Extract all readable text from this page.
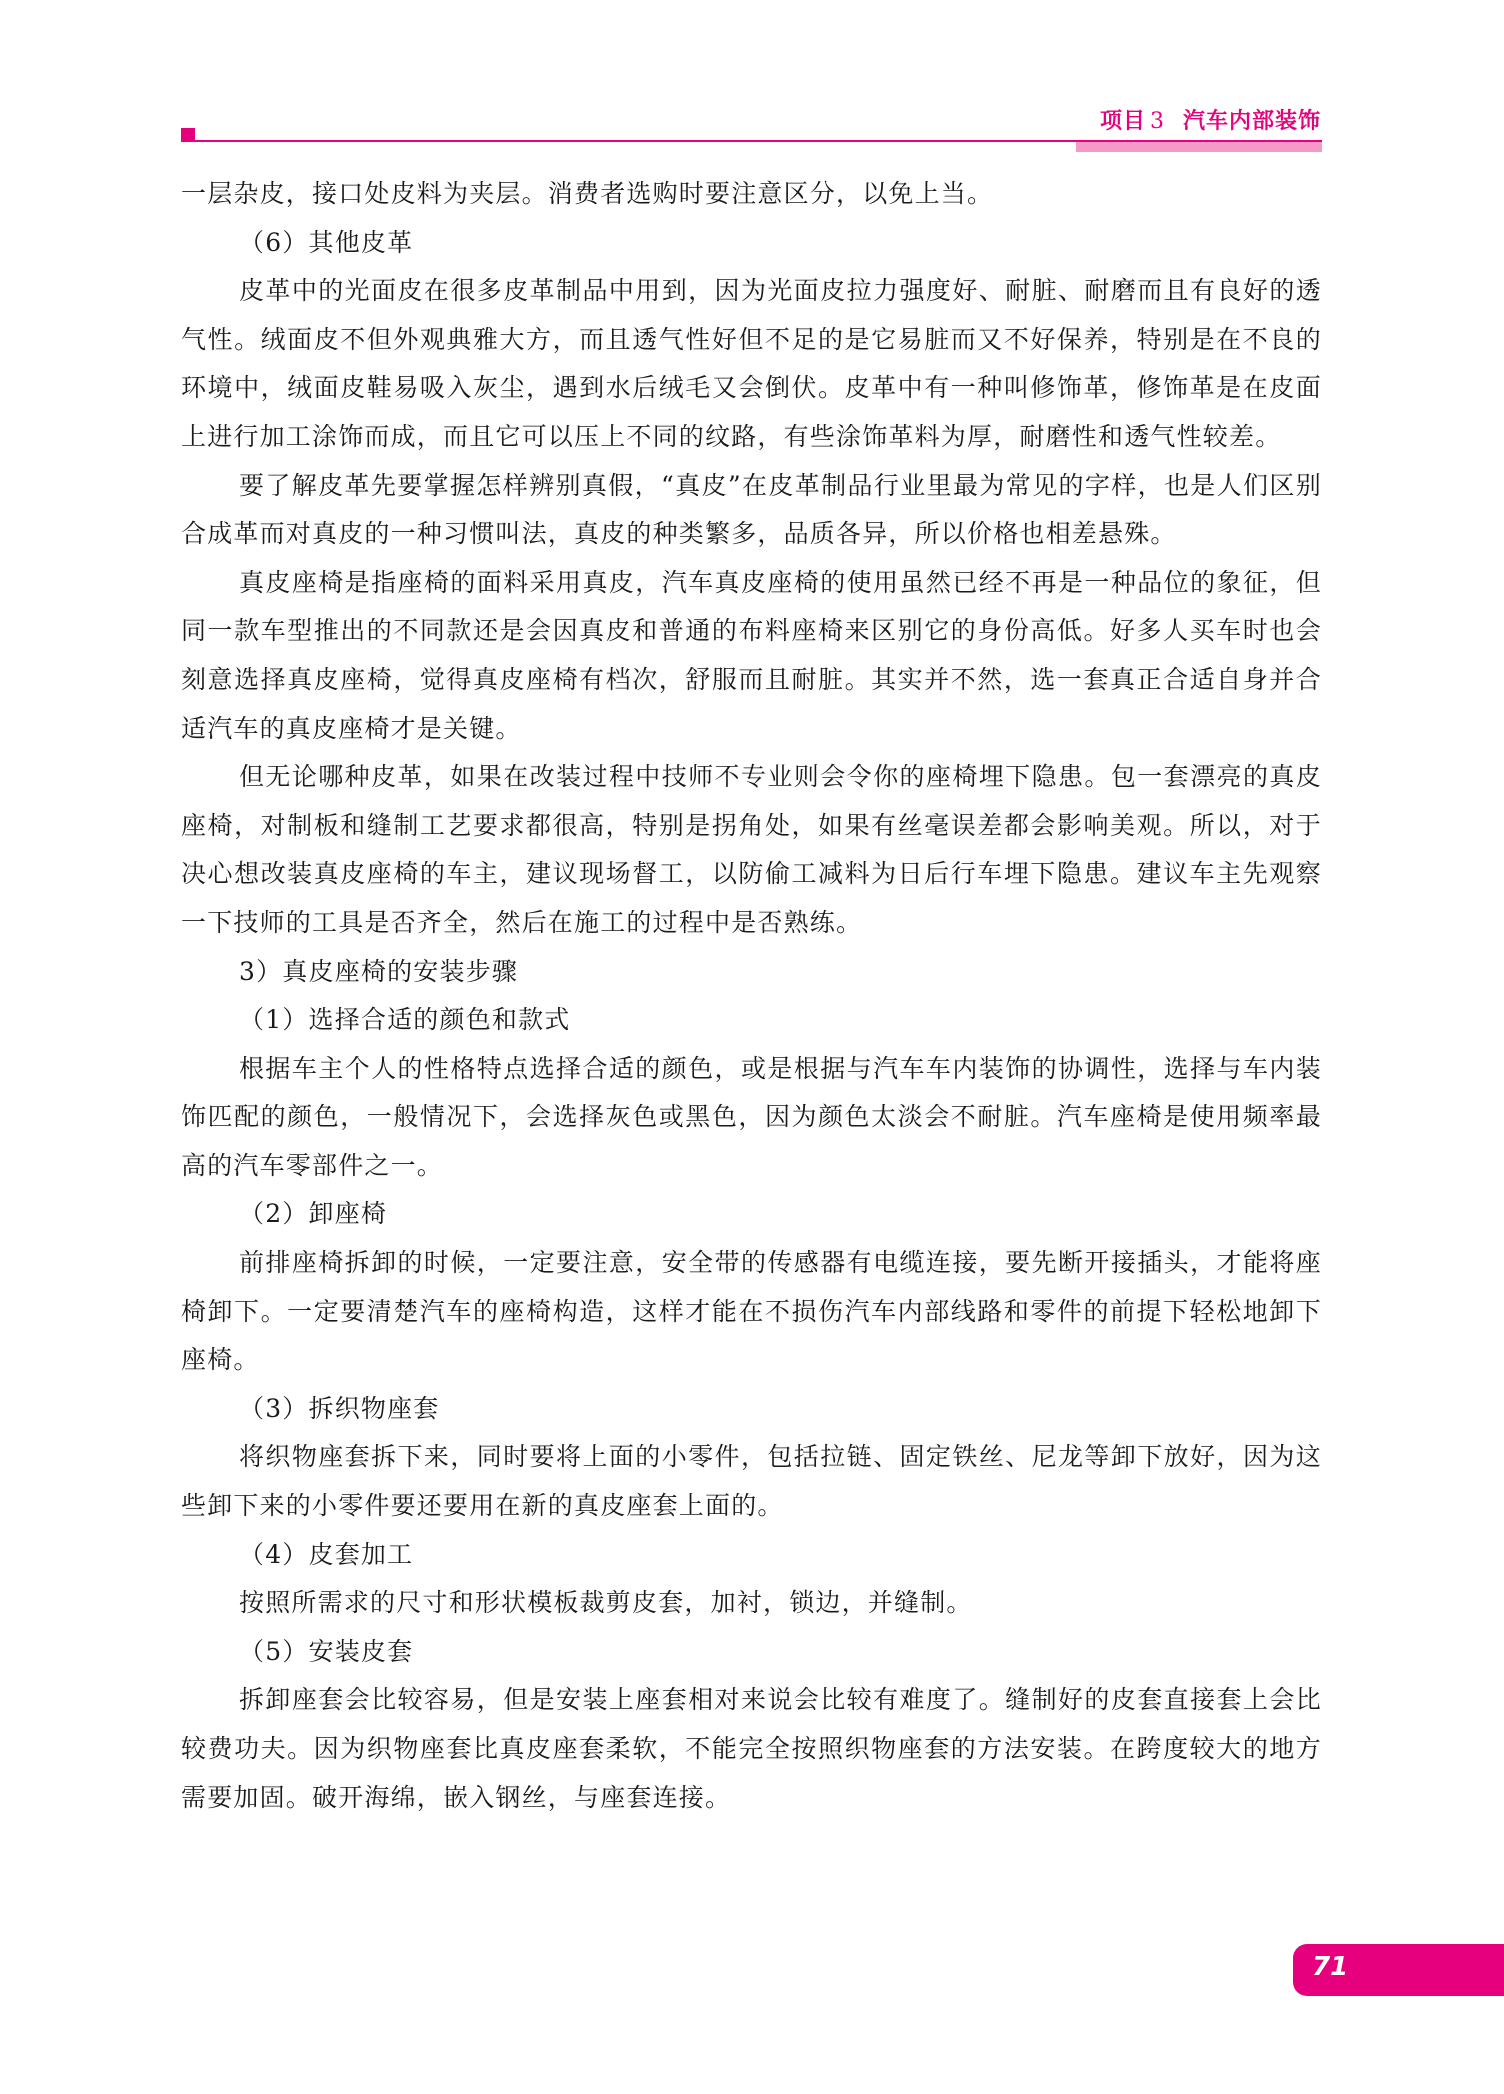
项目 3 汽车内部装饰

一层杂皮，接口处皮料为夹层。消费者选购时要注意区分，以免上当。

（6）其他皮革

皮革中的光面皮在很多皮革制品中用到，因为光面皮拉力强度好、耐脏、耐磨而且有良好的透气性。绒面皮不但外观典雅大方，而且透气性好但不足的是它易脏而又不好保养，特别是在不良的环境中，绒面皮鞋易吸入灰尘，遇到水后绒毛又会倒伏。皮革中有一种叫修饰革，修饰革是在皮面上进行加工涂饰而成，而且它可以压上不同的纹路，有些涂饰革料为厚，耐磨性和透气性较差。

要了解皮革先要掌握怎样辨别真假，“真皮”在皮革制品行业里最为常见的字样，也是人们区别合成革而对真皮的一种习惯叫法，真皮的种类繁多，品质各异，所以价格也相差悬殊。

真皮座椅是指座椅的面料采用真皮，汽车真皮座椅的使用虽然已经不再是一种品位的象征，但同一款车型推出的不同款还是会因真皮和普通的布料座椅来区别它的身份高低。好多人买车时也会刻意选择真皮座椅，觉得真皮座椅有档次，舒服而且耐脏。其实并不然，选一套真正合适自身并合适汽车的真皮座椅才是关键。

但无论哪种皮革，如果在改装过程中技师不专业则会令你的座椅埋下隐患。包一套漂亮的真皮座椅，对制板和缝制工艺要求都很高，特别是拐角处，如果有丝毫误差都会影响美观。所以，对于决心想改装真皮座椅的车主，建议现场督工，以防偷工减料为日后行车埋下隐患。建议车主先观察一下技师的工具是否齐全，然后在施工的过程中是否熟练。

3）真皮座椅的安装步骤

（1）选择合适的颜色和款式

根据车主个人的性格特点选择合适的颜色，或是根据与汽车车内装饰的协调性，选择与车内装饰匹配的颜色，一般情况下，会选择灰色或黑色，因为颜色太淡会不耐脏。汽车座椅是使用频率最高的汽车零部件之一。

（2）卸座椅

前排座椅拆卸的时候，一定要注意，安全带的传感器有电缆连接，要先断开接插头，才能将座椅卸下。一定要清楚汽车的座椅构造，这样才能在不损伤汽车内部线路和零件的前提下轻松地卸下座椅。

（3）拆织物座套

将织物座套拆下来，同时要将上面的小零件，包括拉链、固定铁丝、尼龙等卸下放好，因为这些卸下来的小零件要还要用在新的真皮座套上面的。

（4）皮套加工

按照所需求的尺寸和形状模板裁剪皮套，加衬，锁边，并缝制。

（5）安装皮套

拆卸座套会比较容易，但是安装上座套相对来说会比较有难度了。缝制好的皮套直接套上会比较费功夫。因为织物座套比真皮座套柔软，不能完全按照织物座套的方法安装。在跨度较大的地方需要加固。破开海绵，嵌入钢丝，与座套连接。

71
